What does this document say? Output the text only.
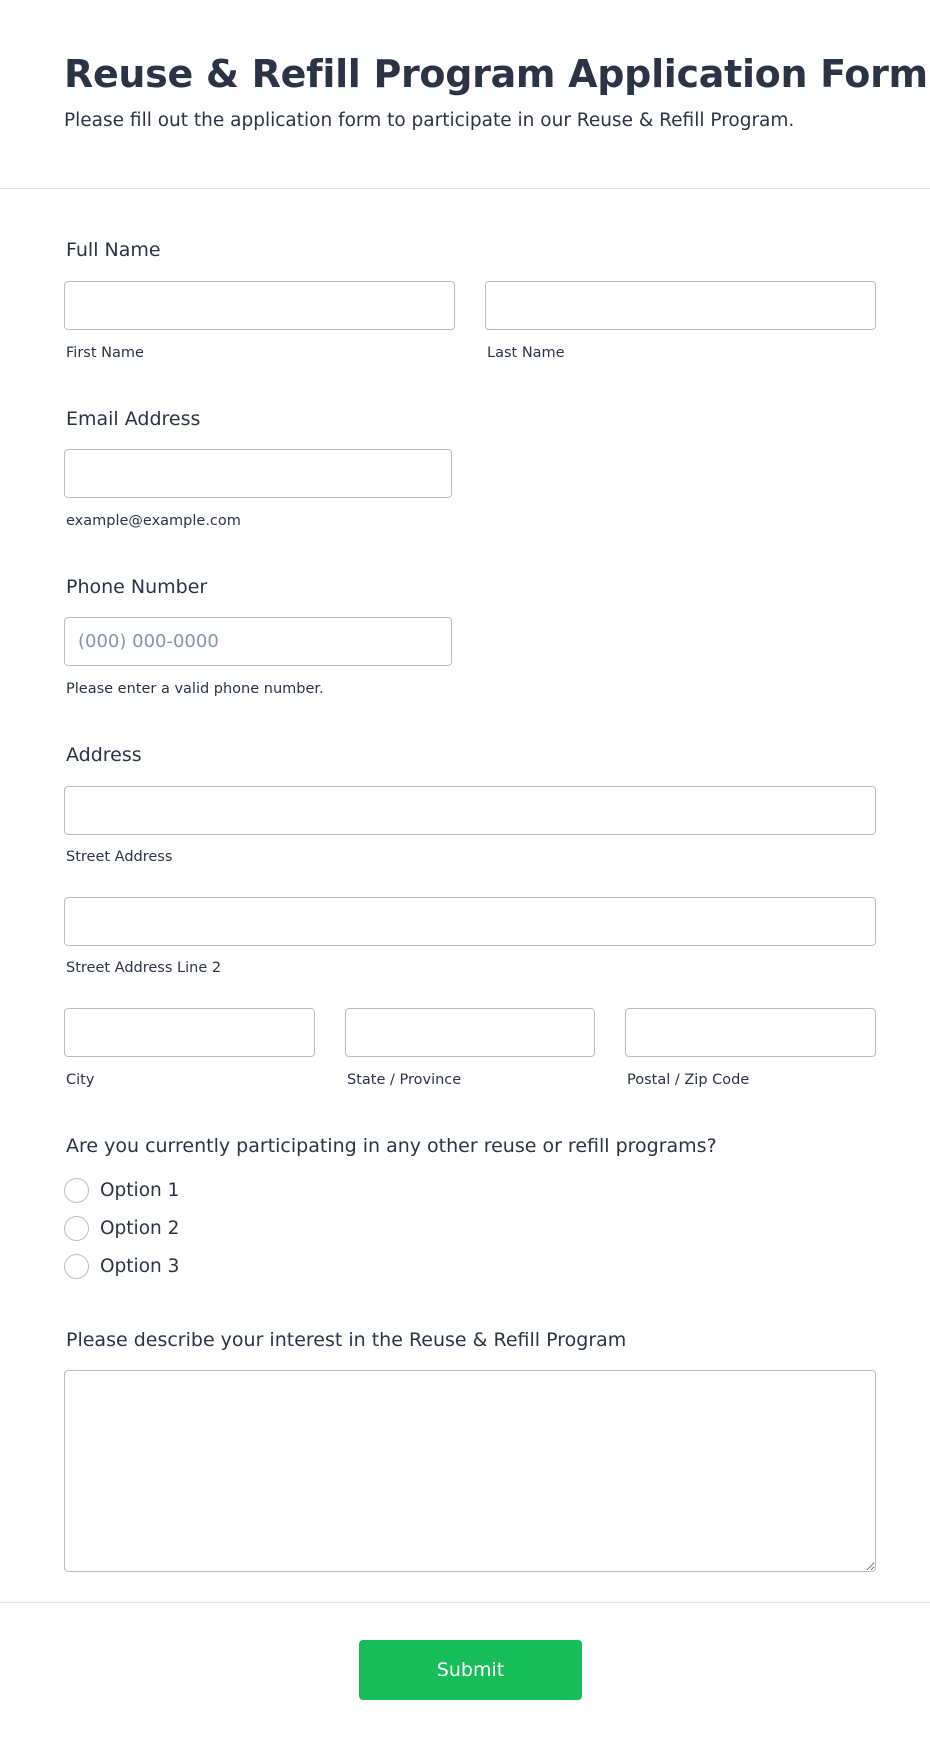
Reuse & Refill Program Application Form

Please fill out the application form to participate in our Reuse & Refill Program.

Full Name
First Name	Last Name
Email Address
example@example.com
Phone Number
(000) 000-0000
Please enter a valid phone number.
Address
Street Address
Street Address Line 2
City	State / Province	Postal / Zip Code
Are you currently participating in any other reuse or refill programs?
Option 1
Option 2
Option 3
Please describe your interest in the Reuse & Refill Program
Submit
